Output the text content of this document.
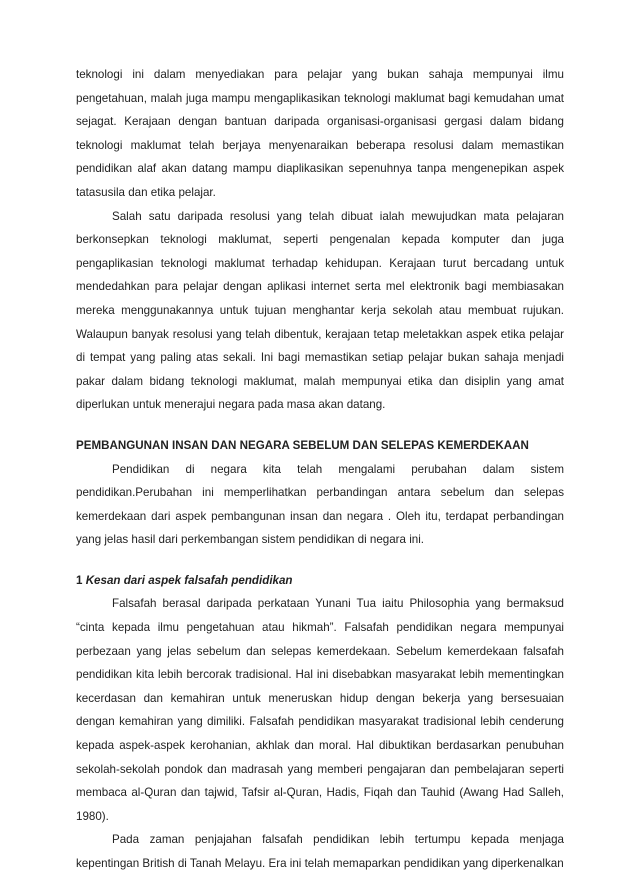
teknologi ini dalam menyediakan para pelajar yang bukan sahaja mempunyai ilmu pengetahuan, malah juga mampu mengaplikasikan teknologi maklumat bagi kemudahan umat sejagat. Kerajaan dengan bantuan daripada organisasi-organisasi gergasi dalam bidang teknologi maklumat telah berjaya menyenaraikan beberapa resolusi dalam memastikan pendidikan alaf akan datang mampu diaplikasikan sepenuhnya tanpa mengenepikan aspek tatasusila dan etika pelajar.

Salah satu daripada resolusi yang telah dibuat ialah mewujudkan mata pelajaran berkonsepkan teknologi maklumat, seperti pengenalan kepada komputer dan juga pengaplikasian teknologi maklumat terhadap kehidupan. Kerajaan turut bercadang untuk mendedahkan para pelajar dengan aplikasi internet serta mel elektronik bagi membiasakan mereka menggunakannya untuk tujuan menghantar kerja sekolah atau membuat rujukan. Walaupun banyak resolusi yang telah dibentuk, kerajaan tetap meletakkan aspek etika pelajar di tempat yang paling atas sekali. Ini bagi memastikan setiap pelajar bukan sahaja menjadi pakar dalam bidang teknologi maklumat, malah mempunyai etika dan disiplin yang amat diperlukan untuk menerajui negara pada masa akan datang.

PEMBANGUNAN INSAN DAN NEGARA SEBELUM DAN SELEPAS KEMERDEKAAN

Pendidikan di negara kita telah mengalami perubahan dalam sistem pendidikan.Perubahan ini memperlihatkan perbandingan antara sebelum dan selepas kemerdekaan dari aspek pembangunan insan dan negara . Oleh itu, terdapat perbandingan yang jelas hasil dari perkembangan sistem pendidikan di negara ini.

1 Kesan dari aspek falsafah pendidikan

Falsafah berasal daripada perkataan Yunani Tua iaitu Philosophia yang bermaksud “cinta kepada ilmu pengetahuan atau hikmah”. Falsafah pendidikan negara mempunyai perbezaan yang jelas sebelum dan selepas kemerdekaan. Sebelum kemerdekaan falsafah pendidikan kita lebih bercorak tradisional. Hal ini disebabkan masyarakat lebih mementingkan kecerdasan dan kemahiran untuk meneruskan hidup dengan bekerja yang bersesuaian dengan kemahiran yang dimiliki. Falsafah pendidikan masyarakat tradisional lebih cenderung kepada aspek-aspek kerohanian, akhlak dan moral. Hal dibuktikan berdasarkan penubuhan sekolah-sekolah pondok dan madrasah yang memberi pengajaran dan pembelajaran seperti membaca al-Quran dan tajwid, Tafsir al-Quran, Hadis, Fiqah dan Tauhid (Awang Had Salleh, 1980).

Pada zaman penjajahan falsafah pendidikan lebih tertumpu kepada menjaga kepentingan British di Tanah Melayu. Era ini telah memaparkan pendidikan yang diperkenalkan
